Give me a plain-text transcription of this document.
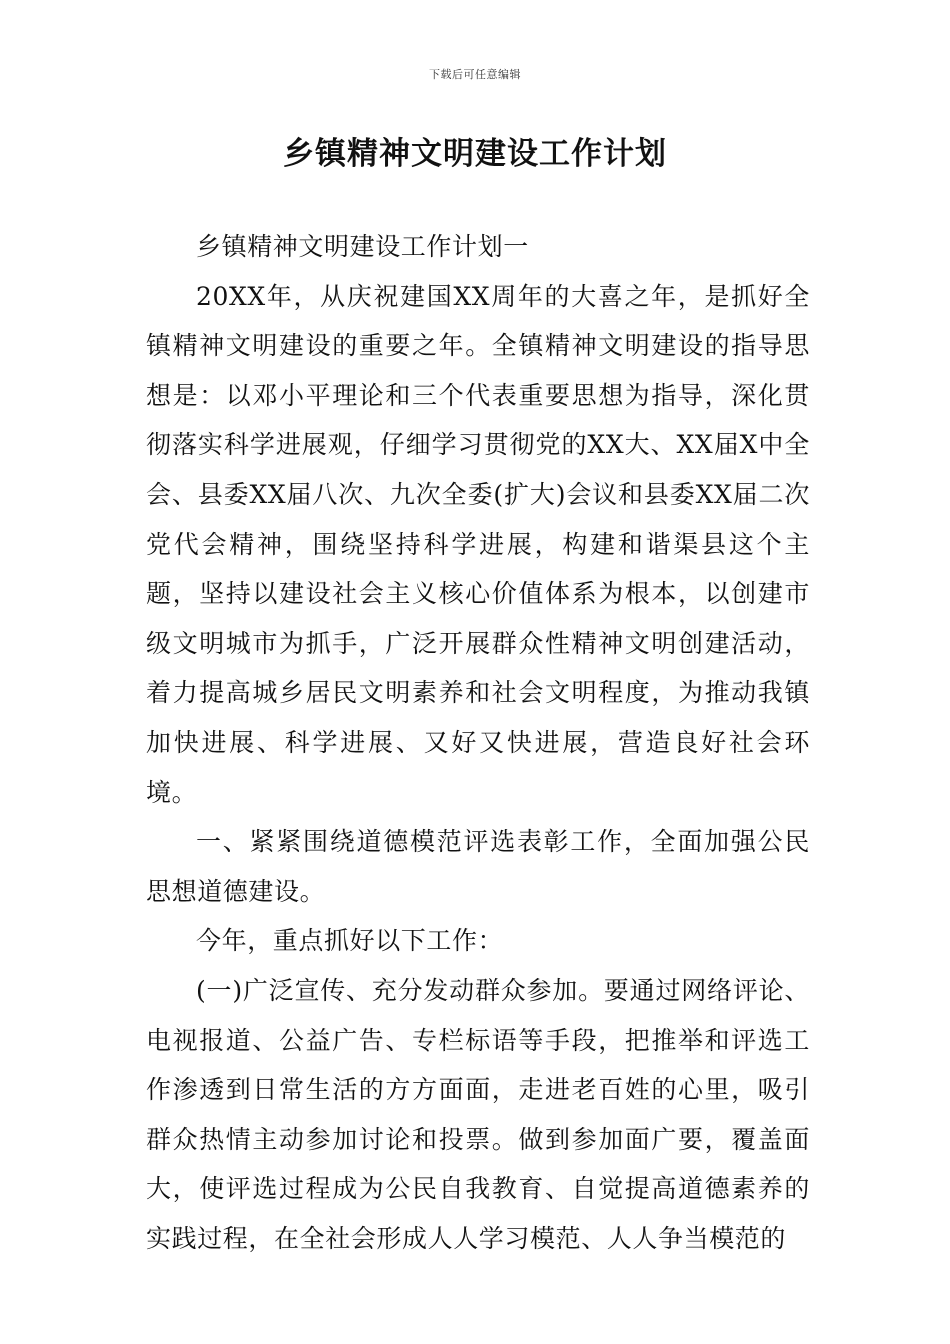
下载后可任意编辑
乡镇精神文明建设工作计划

乡镇精神文明建设工作计划一

20XX年，从庆祝建国XX周年的大喜之年，是抓好全镇精神文明建设的重要之年。全镇精神文明建设的指导思想是：以邓小平理论和三个代表重要思想为指导，深化贯彻落实科学进展观，仔细学习贯彻党的XX大、XX届X中全会、县委XX届八次、九次全委(扩大)会议和县委XX届二次党代会精神，围绕坚持科学进展，构建和谐渠县这个主题，坚持以建设社会主义核心价值体系为根本，以创建市级文明城市为抓手，广泛开展群众性精神文明创建活动，着力提高城乡居民文明素养和社会文明程度，为推动我镇加快进展、科学进展、又好又快进展，营造良好社会环境。

一、紧紧围绕道德模范评选表彰工作，全面加强公民思想道德建设。

今年，重点抓好以下工作：

(一)广泛宣传、充分发动群众参加。要通过网络评论、电视报道、公益广告、专栏标语等手段，把推举和评选工作渗透到日常生活的方方面面，走进老百姓的心里，吸引群众热情主动参加讨论和投票。做到参加面广要，覆盖面大，使评选过程成为公民自我教育、自觉提高道德素养的实践过程，在全社会形成人人学习模范、人人争当模范的
